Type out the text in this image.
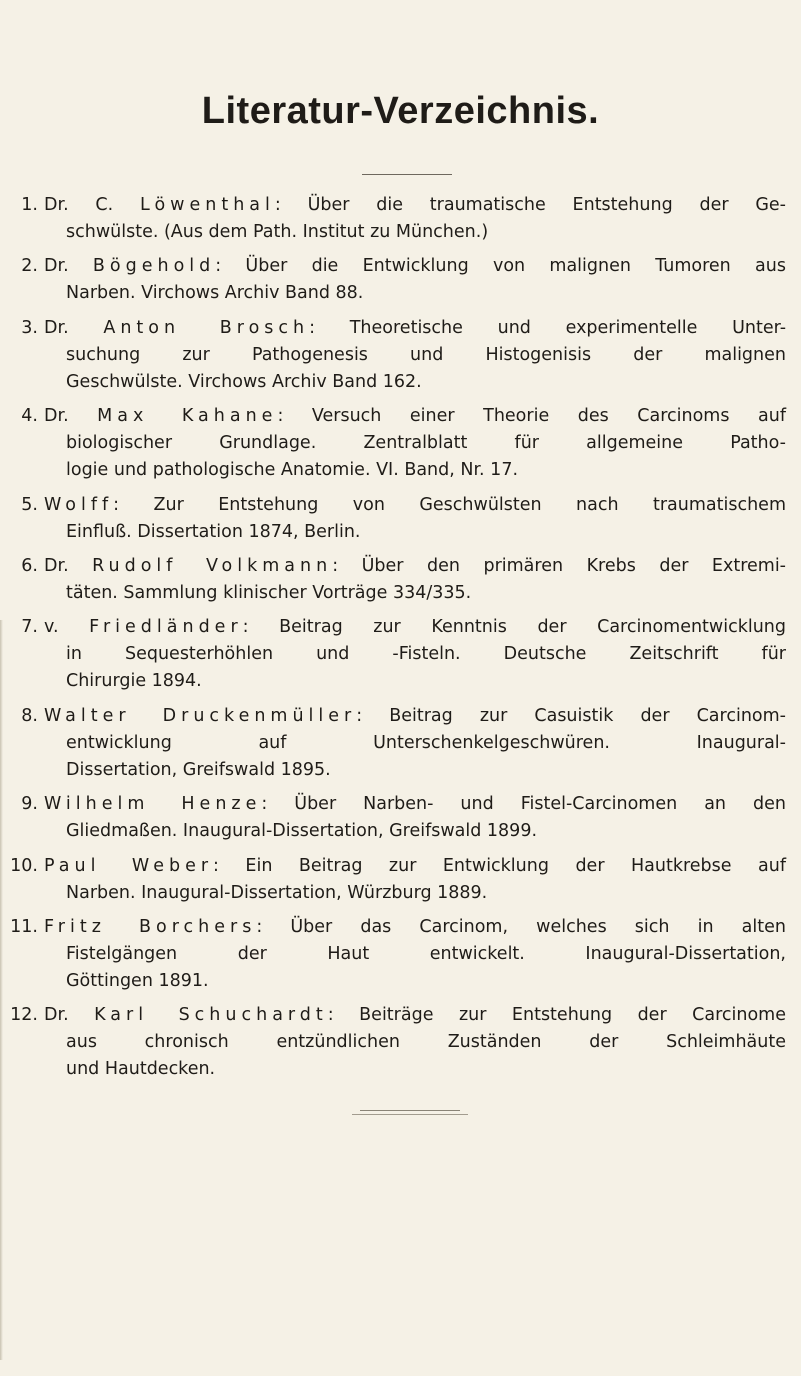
Literatur-Verzeichnis.
1. Dr. C. Löwenthal: Über die traumatische Entstehung der Ge-
schwülste. (Aus dem Path. Institut zu München.)
2. Dr. Bögehold: Über die Entwicklung von malignen Tumoren aus
Narben. Virchows Archiv Band 88.
3. Dr. Anton Brosch: Theoretische und experimentelle Unter-
suchung zur Pathogenesis und Histogenisis der malignen
Geschwülste. Virchows Archiv Band 162.
4. Dr. Max Kahane: Versuch einer Theorie des Carcinoms auf
biologischer Grundlage. Zentralblatt für allgemeine Patho-
logie und pathologische Anatomie. VI. Band, Nr. 17.
5. Wolff: Zur Entstehung von Geschwülsten nach traumatischem
Einfluß. Dissertation 1874, Berlin.
6. Dr. Rudolf Volkmann: Über den primären Krebs der Extremi-
täten. Sammlung klinischer Vorträge 334/335.
7. v. Friedländer: Beitrag zur Kenntnis der Carcinomentwicklung
in Sequesterhöhlen und -Fisteln. Deutsche Zeitschrift für
Chirurgie 1894.
8. Walter Druckenmüller: Beitrag zur Casuistik der Carcinom-
entwicklung auf Unterschenkelgeschwüren. Inaugural-
Dissertation, Greifswald 1895.
9. Wilhelm Henze: Über Narben- und Fistel-Carcinomen an den
Gliedmaßen. Inaugural-Dissertation, Greifswald 1899.
10. Paul Weber: Ein Beitrag zur Entwicklung der Hautkrebse auf
Narben. Inaugural-Dissertation, Würzburg 1889.
11. Fritz Borchers: Über das Carcinom, welches sich in alten
Fistelgängen der Haut entwickelt. Inaugural-Dissertation,
Göttingen 1891.
12. Dr. Karl Schuchardt: Beiträge zur Entstehung der Carcinome
aus chronisch entzündlichen Zuständen der Schleimhäute
und Hautdecken.
